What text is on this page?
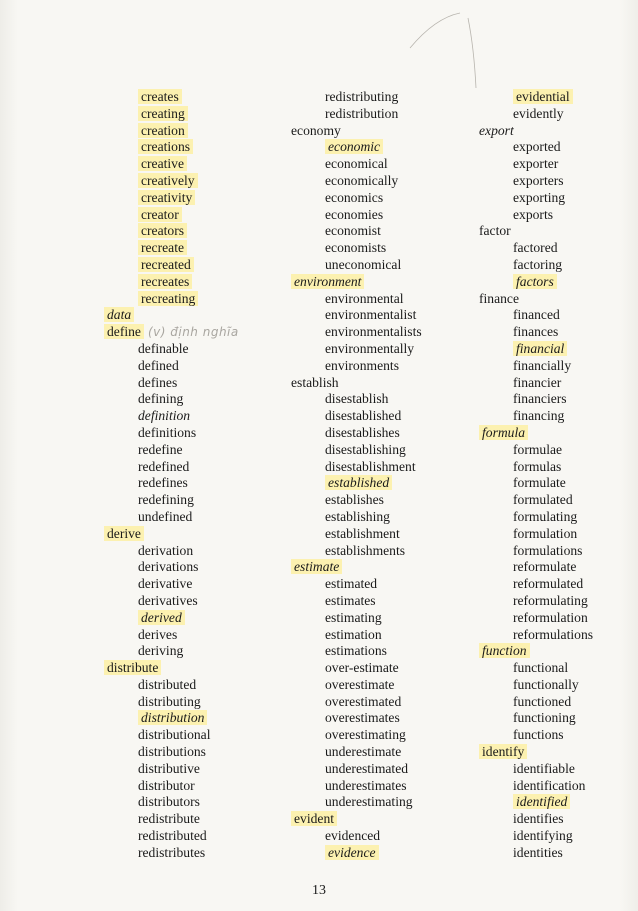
creates
creating
creation
creations
creative
creatively
creativity
creator
creators
recreate
recreated
recreates
recreating
data
define (v) định nghĩa
definable
defined
defines
defining
definition
definitions
redefine
redefined
redefines
redefining
undefined
derive
derivation
derivations
derivative
derivatives
derived
derives
deriving
distribute
distributed
distributing
distribution
distributional
distributions
distributive
distributor
distributors
redistribute
redistributed
redistributes
redistributing
redistribution
economy
economic
economical
economically
economics
economies
economist
economists
uneconomical
environment
environmental
environmentalist
environmentalists
environmentally
environments
establish
disestablish
disestablished
disestablishes
disestablishing
disestablishment
established
establishes
establishing
establishment
establishments
estimate
estimated
estimates
estimating
estimation
estimations
over-estimate
overestimate
overestimated
overestimates
overestimating
underestimate
underestimated
underestimates
underestimating
evident
evidenced
evidence
evidential
evidently
export
exported
exporter
exporters
exporting
exports
factor
factored
factoring
factors
finance
financed
finances
financial
financially
financier
financiers
financing
formula
formulae
formulas
formulate
formulated
formulating
formulation
formulations
reformulate
reformulated
reformulating
reformulation
reformulations
function
functional
functionally
functioned
functioning
functions
identify
identifiable
identification
identified
identifies
identifying
identities
13
